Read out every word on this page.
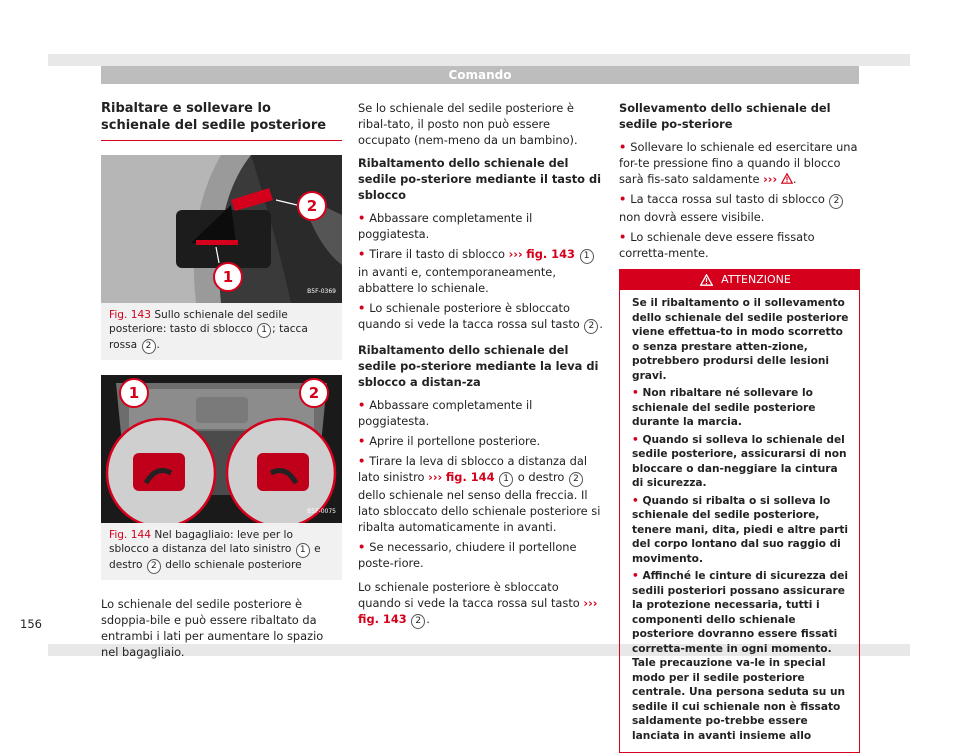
Comando
Ribaltare e sollevare lo schienale del sedile posteriore
2
1
B5F-0369
Fig. 143 Sullo schienale del sedile posteriore: tasto di sblocco 1 ; tacca rossa 2 .
1	2
B5F-0075
Fig. 144 Nel bagagliaio: leve per lo sblocco a distanza del lato sinistro 1 e destro 2 dello schienale posteriore

Lo schienale del sedile posteriore è sdoppia-bile e può essere ribaltato da entrambi i lati per aumentare lo spazio nel bagagliaio.

Se lo schienale del sedile posteriore è ribal-tato, il posto non può essere occupato (nem-meno da un bambino).

Ribaltamento dello schienale del sedile po-steriore mediante il tasto di sblocco

• Abbassare completamente il poggiatesta.

• Tirare il tasto di sblocco ››› fig. 143 1 in avanti e, contemporaneamente, abbattere lo schienale.

• Lo schienale posteriore è sbloccato quando si vede la tacca rossa sul tasto 2 .

Ribaltamento dello schienale del sedile po-steriore mediante la leva di sblocco a distan-za

• Abbassare completamente il poggiatesta.

• Aprire il portellone posteriore.

• Tirare la leva di sblocco a distanza dal lato sinistro ››› fig. 144 1 o destro 2 dello schienale nel senso della freccia. Il lato sbloccato dello schienale posteriore si ribalta automaticamente in avanti.

• Se necessario, chiudere il portellone poste-riore.

Lo schienale posteriore è sbloccato quando si vede la tacca rossa sul tasto ››› fig. 143 2 .

Sollevamento dello schienale del sedile po-steriore

• Sollevare lo schienale ed esercitare una for-te pressione fino a quando il blocco sarà fis-sato saldamente ››› .

• La tacca rossa sul tasto di sblocco 2 non dovrà essere visibile.

• Lo schienale deve essere fissato corretta-mente.

ATTENZIONE

Se il ribaltamento o il sollevamento dello schienale del sedile posteriore viene effettua-to in modo scorretto o senza prestare atten-zione, potrebbero prodursi delle lesioni gravi.

• Non ribaltare né sollevare lo schienale del sedile posteriore durante la marcia.

• Quando si solleva lo schienale del sedile posteriore, assicurarsi di non bloccare o dan-neggiare la cintura di sicurezza.

• Quando si ribalta o si solleva lo schienale del sedile posteriore, tenere mani, dita, piedi e altre parti del corpo lontano dal suo raggio di movimento.

• Affinché le cinture di sicurezza dei sedili posteriori possano assicurare la protezione necessaria, tutti i componenti dello schienale posteriore dovranno essere fissati corretta-mente in ogni momento. Tale precauzione va-le in special modo per il sedile posteriore centrale. Una persona seduta su un sedile il cui schienale non è fissato saldamente po-trebbe essere lanciata in avanti insieme allo

156
